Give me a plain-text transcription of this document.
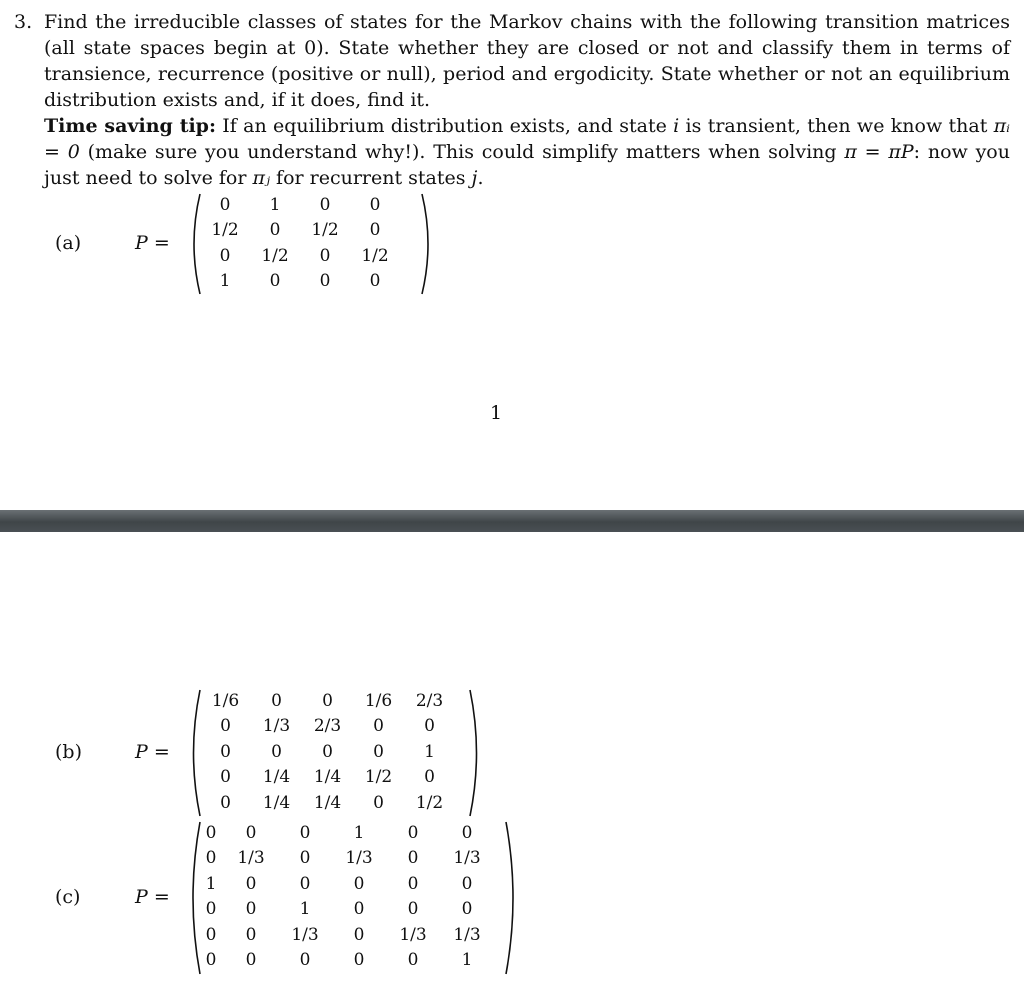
3. Find the irreducible classes of states for the Markov chains with the following transition matrices (all state spaces begin at 0). State whether they are closed or not and classify them in terms of transience, recurrence (positive or null), period and ergodicity. State whether or not an equilibrium distribution exists and, if it does, find it.
Time saving tip: If an equilibrium distribution exists, and state i is transient, then we know that πᵢ = 0 (make sure you understand why!). This could simplify matters when solving π = πP: now you just need to solve for πⱼ for recurrent states j.
(a)	P =
0	1	0	0
1/2	0	1/2	0
0	1/2	0	1/2
1	0	0	0
1
(b)	P =
1/6	0	0	1/6	2/3
0	1/3	2/3	0	0
0	0	0	0	1
0	1/4	1/4	1/2	0
0	1/4	1/4	0	1/2
(c)	P =
0	0	0	1	0	0
0	1/3	0	1/3	0	1/3
1	0	0	0	0	0
0	0	1	0	0	0
0	0	1/3	0	1/3	1/3
0	0	0	0	0	1
